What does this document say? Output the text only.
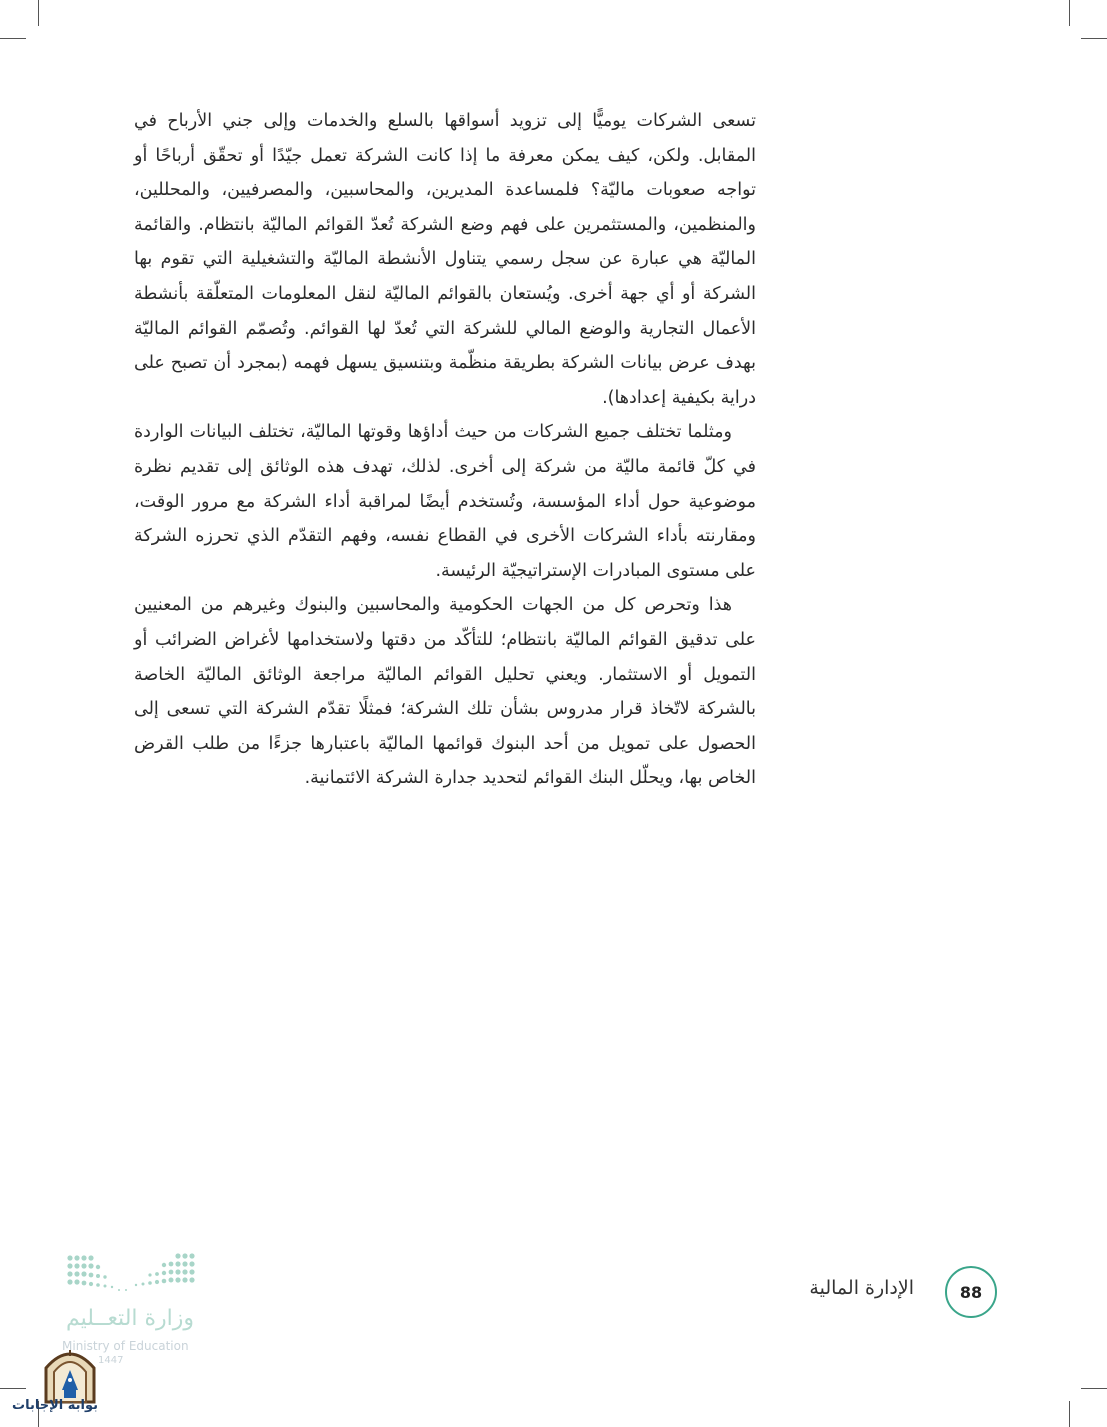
تسعى الشركات يوميًّا إلى تزويد أسواقها بالسلع والخدمات وإلى جني الأرباح في المقابل. ولكن، كيف يمكن معرفة ما إذا كانت الشركة تعمل جيّدًا أو تحقّق أرباحًا أو تواجه صعوبات ماليّة؟ فلمساعدة المديرين، والمحاسبين، والمصرفيين، والمحللين، والمنظمين، والمستثمرين على فهم وضع الشركة تُعدّ القوائم الماليّة بانتظام. والقائمة الماليّة هي عبارة عن سجل رسمي يتناول الأنشطة الماليّة والتشغيلية التي تقوم بها الشركة أو أي جهة أخرى. ويُستعان بالقوائم الماليّة لنقل المعلومات المتعلّقة بأنشطة الأعمال التجارية والوضع المالي للشركة التي تُعدّ لها القوائم. وتُصمّم القوائم الماليّة بهدف عرض بيانات الشركة بطريقة منظّمة وبتنسيق يسهل فهمه (بمجرد أن تصبح على دراية بكيفية إعدادها).

ومثلما تختلف جميع الشركات من حيث أداؤها وقوتها الماليّة، تختلف البيانات الواردة في كلّ قائمة ماليّة من شركة إلى أخرى. لذلك، تهدف هذه الوثائق إلى تقديم نظرة موضوعية حول أداء المؤسسة، وتُستخدم أيضًا لمراقبة أداء الشركة مع مرور الوقت، ومقارنته بأداء الشركات الأخرى في القطاع نفسه، وفهم التقدّم الذي تحرزه الشركة على مستوى المبادرات الإستراتيجيّة الرئيسة.

هذا وتحرص كل من الجهات الحكومية والمحاسبين والبنوك وغيرهم من المعنيين على تدقيق القوائم الماليّة بانتظام؛ للتأكّد من دقتها ولاستخدامها لأغراض الضرائب أو التمويل أو الاستثمار. ويعني تحليل القوائم الماليّة مراجعة الوثائق الماليّة الخاصة بالشركة لاتّخاذ قرار مدروس بشأن تلك الشركة؛ فمثلًا تقدّم الشركة التي تسعى إلى الحصول على تمويل من أحد البنوك قوائمها الماليّة باعتبارها جزءًا من طلب القرض الخاص بها، ويحلّل البنك القوائم لتحديد جدارة الشركة الائتمانية.

الإدارة المالية	88
وزارة التعــليم
Ministry of Education
1447
بوابة الإجابات
